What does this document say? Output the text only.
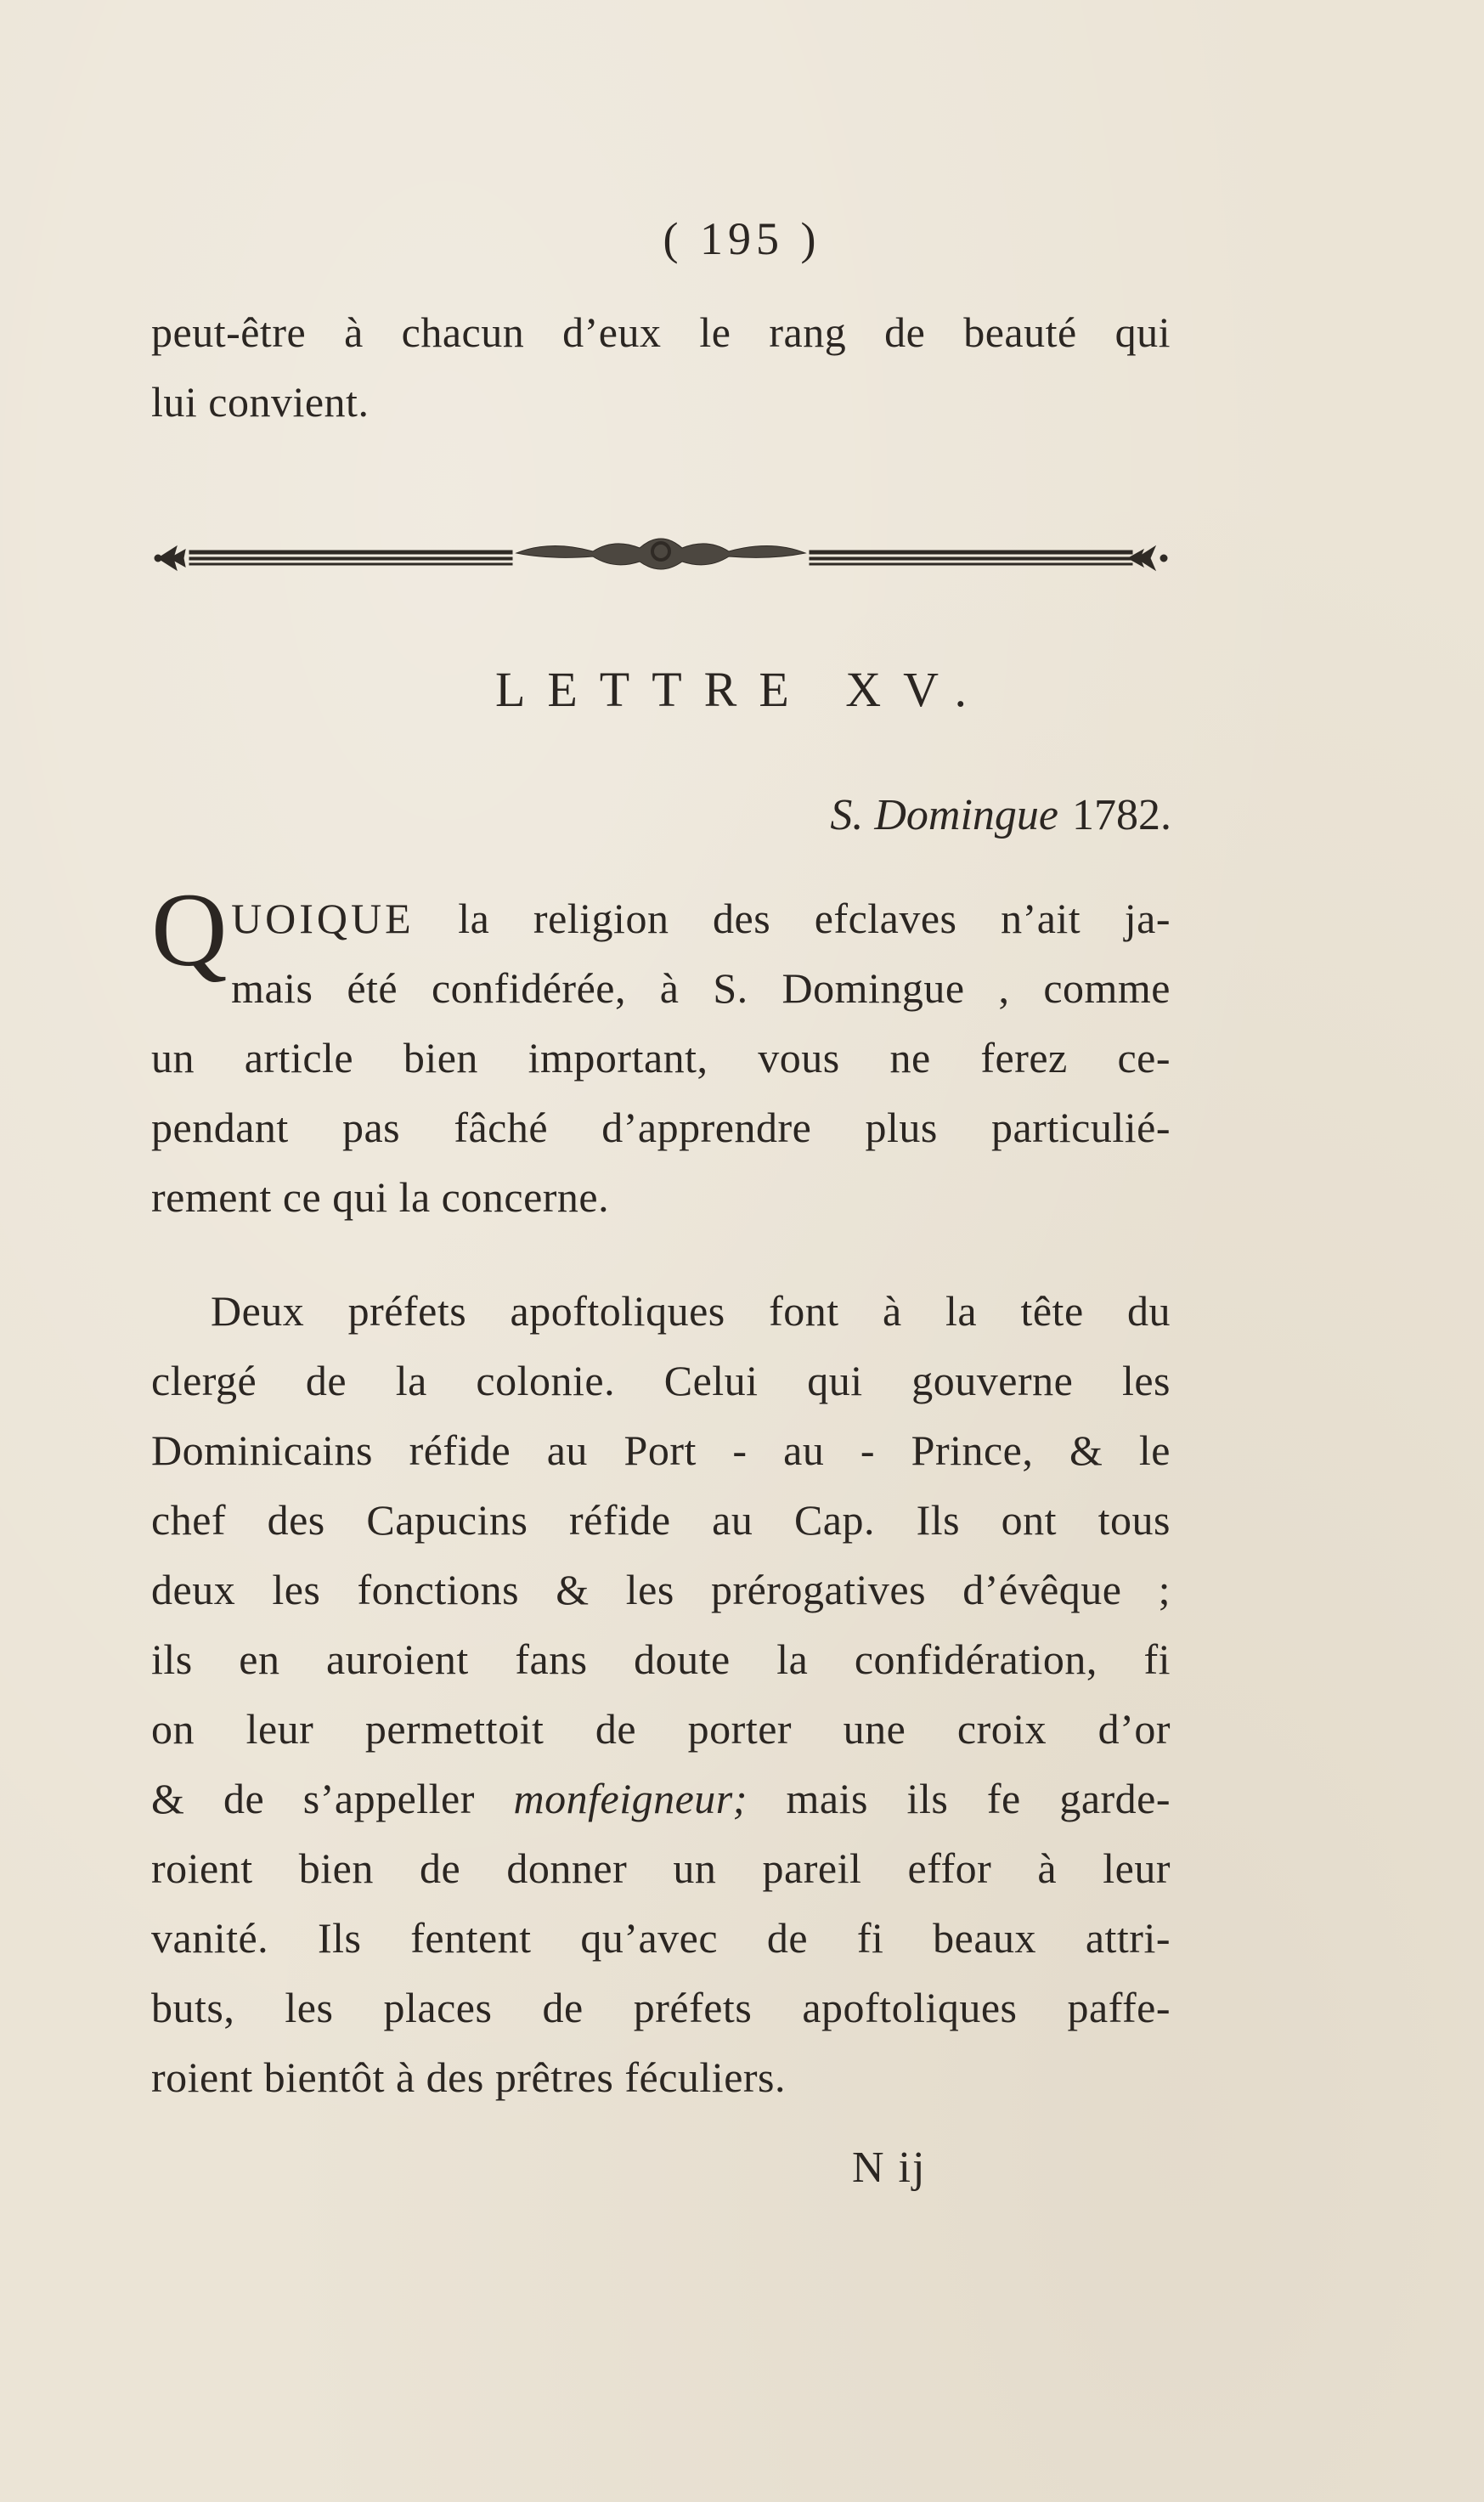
( 195 )
peut-être à chacun d’eux le rang de beauté qui
lui convient.
LETTRE XV.
S. Domingue 1782.
QUOIQUE la religion des efclaves n’ait ja-
mais été confidérée, à S. Domingue , comme
un article bien important, vous ne ferez ce-
pendant pas fâché d’apprendre plus particulié-
rement ce qui la concerne.
Deux préfets apoftoliques font à la tête du
clergé de la colonie. Celui qui gouverne les
Dominicains réfide au Port - au - Prince, & le
chef des Capucins réfide au Cap. Ils ont tous
deux les fonctions & les prérogatives d’évêque ;
ils en auroient fans doute la confidération, fi
on leur permettoit de porter une croix d’or
& de s’appeller monfeigneur; mais ils fe garde-
roient bien de donner un pareil effor à leur
vanité. Ils fentent qu’avec de fi beaux attri-
buts, les places de préfets apoftoliques paffe-
roient bientôt à des prêtres féculiers.
N ij
